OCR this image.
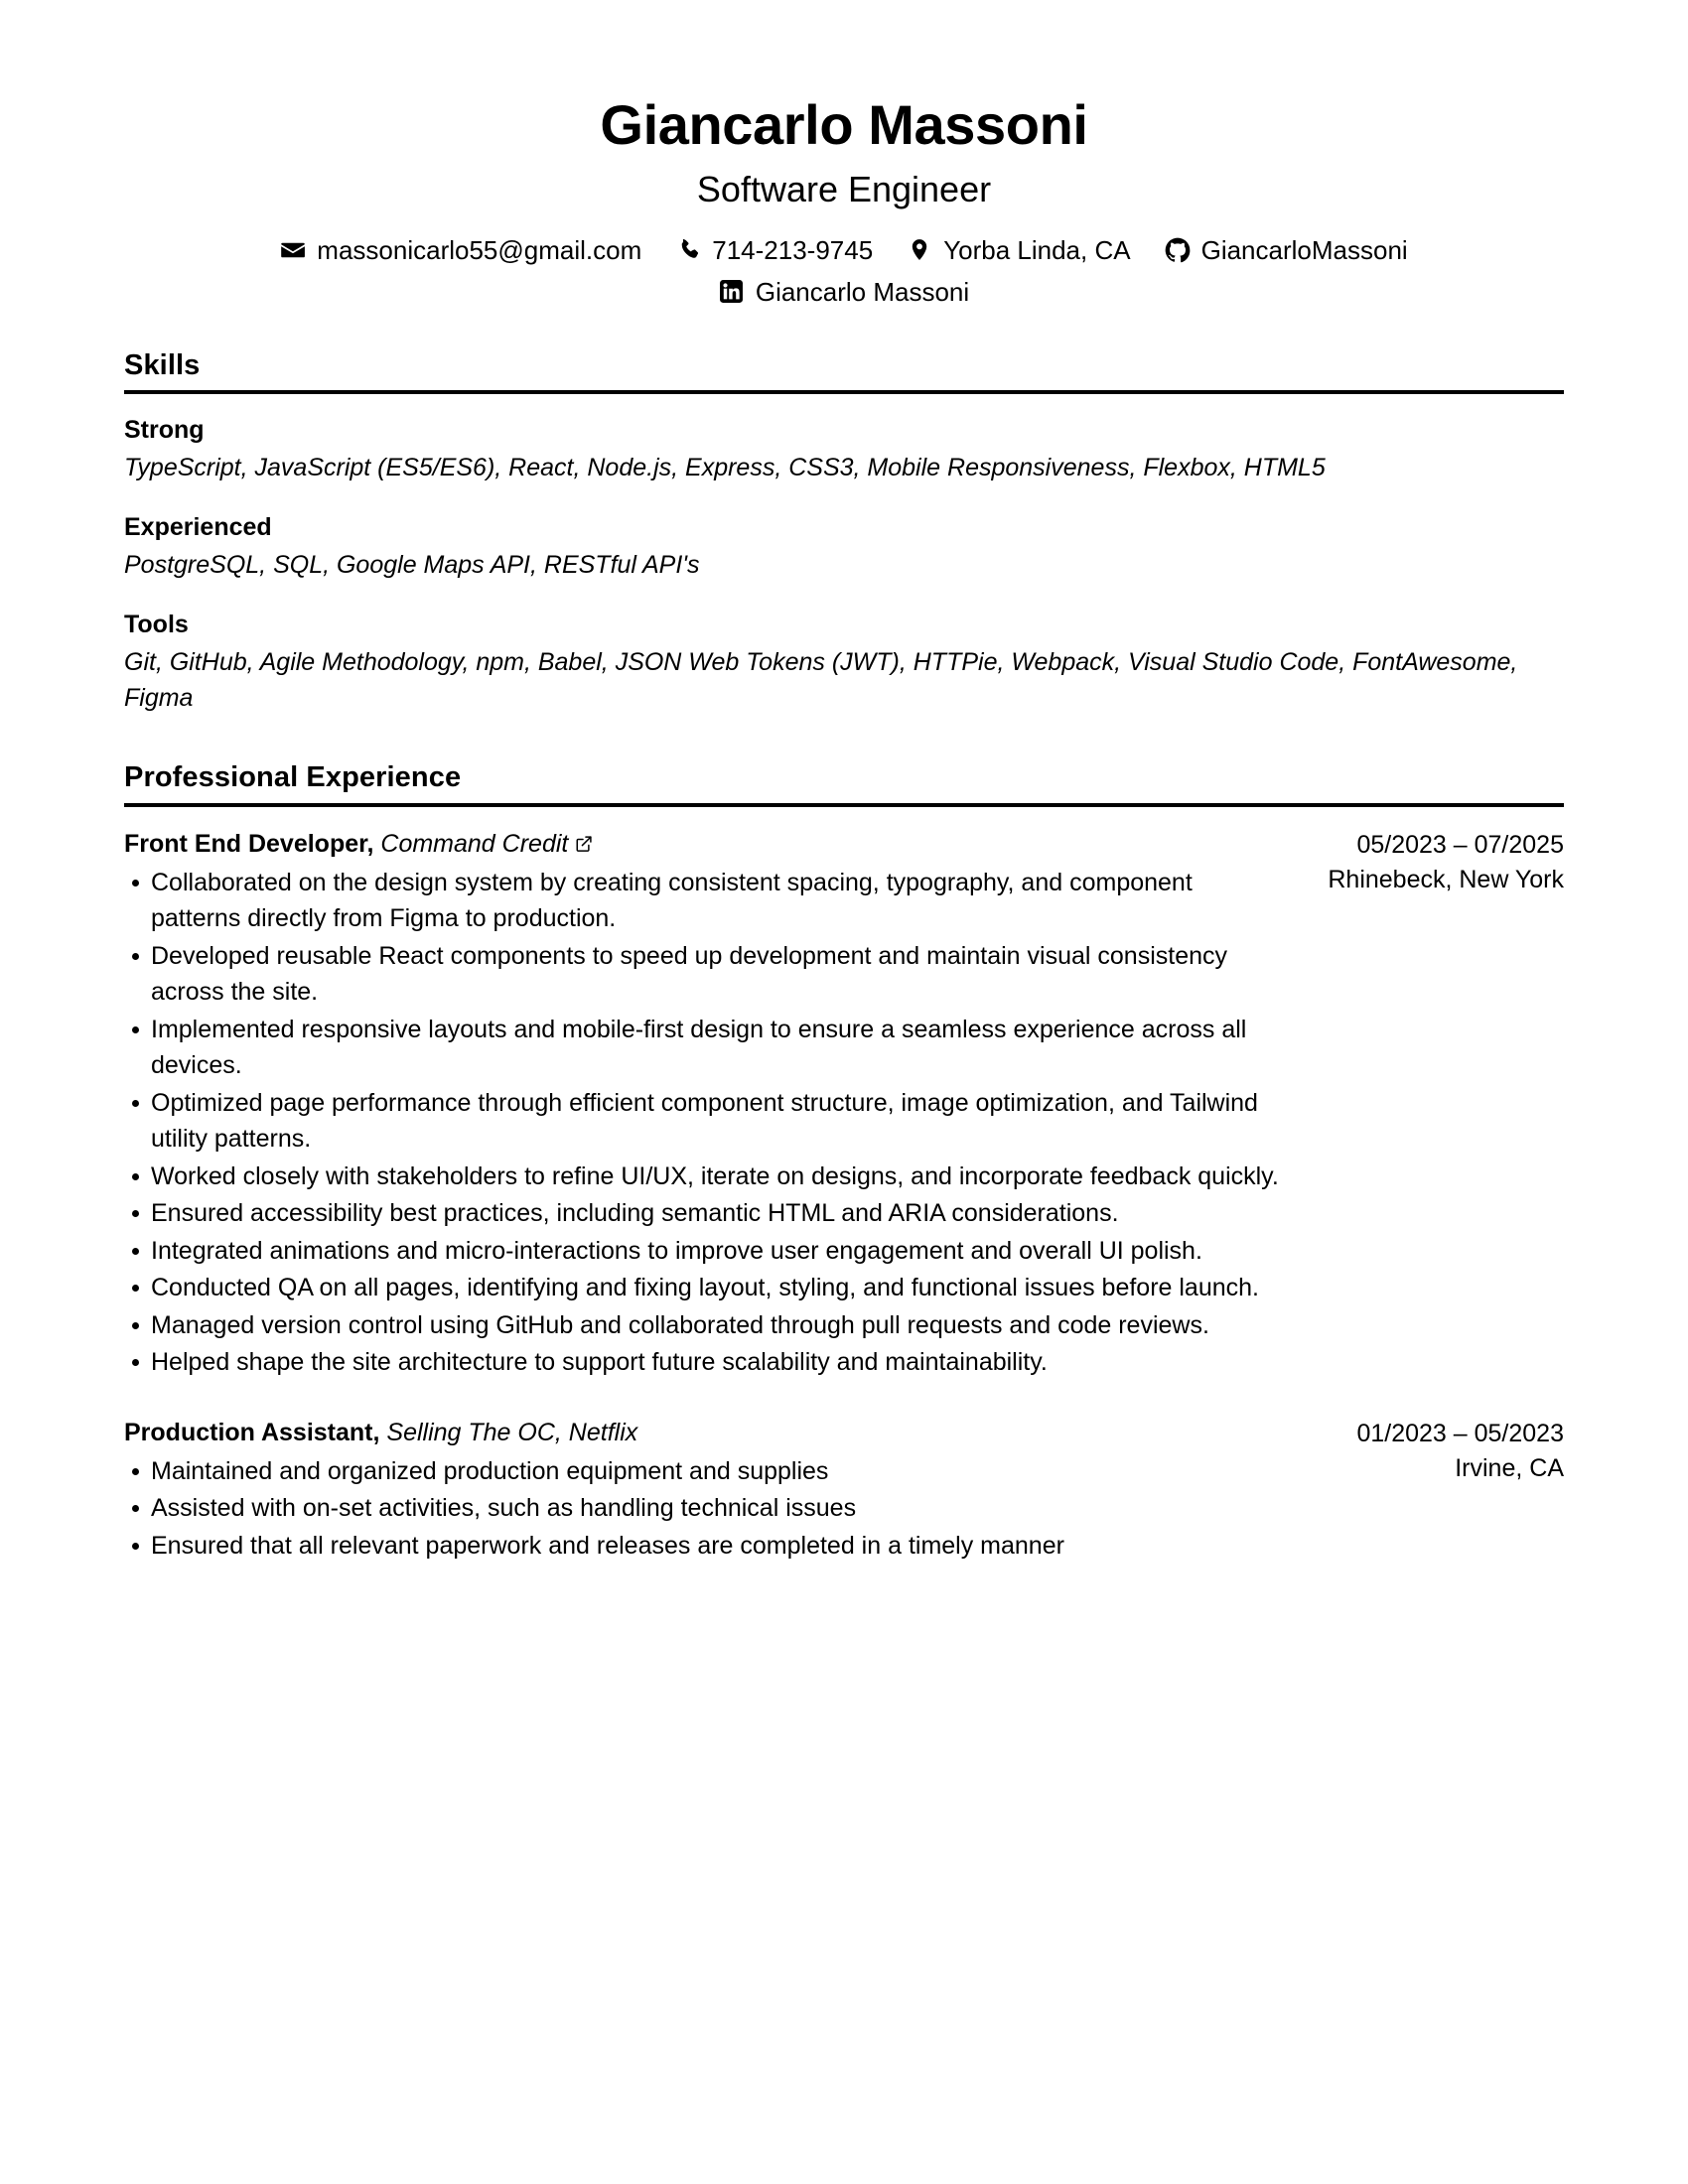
Giancarlo Massoni
Software Engineer
massonicarlo55@gmail.com	714-213-9745	Yorba Linda, CA	GiancarloMassoni
Giancarlo Massoni
Skills
Strong
TypeScript, JavaScript (ES5/ES6), React, Node.js, Express, CSS3, Mobile Responsiveness, Flexbox, HTML5
Experienced
PostgreSQL, SQL, Google Maps API, RESTful API's
Tools
Git, GitHub, Agile Methodology, npm, Babel, JSON Web Tokens (JWT), HTTPie, Webpack, Visual Studio Code, FontAwesome, Figma
Professional Experience
Front End Developer, Command Credit
Collaborated on the design system by creating consistent spacing, typography, and component patterns directly from Figma to production.
Developed reusable React components to speed up development and maintain visual consistency across the site.
Implemented responsive layouts and mobile-first design to ensure a seamless experience across all devices.
Optimized page performance through efficient component structure, image optimization, and Tailwind utility patterns.
Worked closely with stakeholders to refine UI/UX, iterate on designs, and incorporate feedback quickly.
Ensured accessibility best practices, including semantic HTML and ARIA considerations.
Integrated animations and micro-interactions to improve user engagement and overall UI polish.
Conducted QA on all pages, identifying and fixing layout, styling, and functional issues before launch.
Managed version control using GitHub and collaborated through pull requests and code reviews.
Helped shape the site architecture to support future scalability and maintainability.
05/2023 – 07/2025
Rhinebeck, New York
Production Assistant, Selling The OC, Netflix
Maintained and organized production equipment and supplies
Assisted with on-set activities, such as handling technical issues
Ensured that all relevant paperwork and releases are completed in a timely manner
01/2023 – 05/2023
Irvine, CA
